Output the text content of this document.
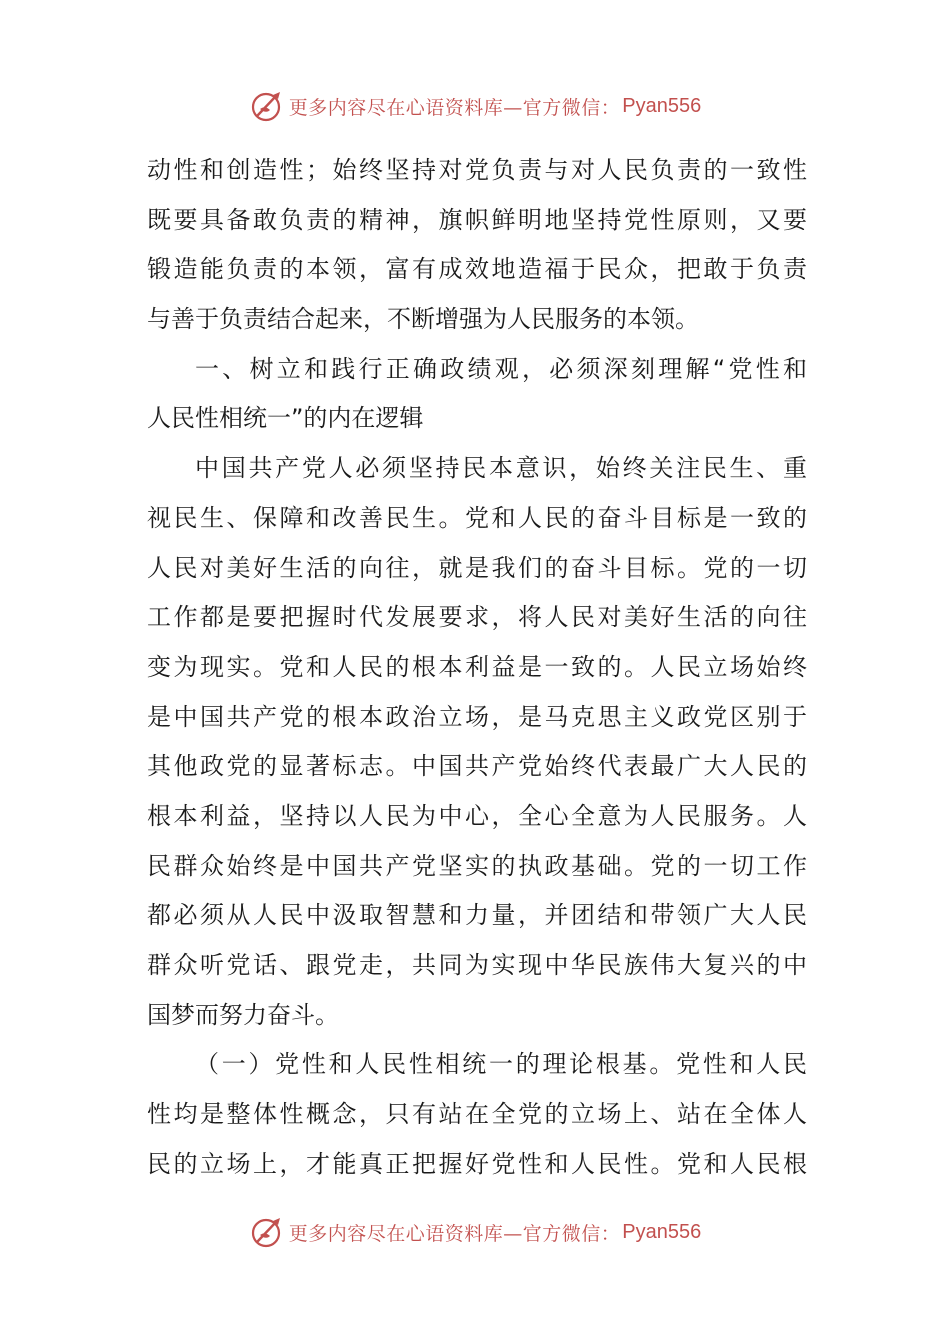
更多内容尽在心语资料库—官方微信： Pyan556
动性和创造性；始终坚持对党负责与对人民负责的一致性
既要具备敢负责的精神，旗帜鲜明地坚持党性原则，又要
锻造能负责的本领，富有成效地造福于民众，把敢于负责
与善于负责结合起来，不断增强为人民服务的本领。
一、树立和践行正确政绩观，必须深刻理解“党性和
人民性相统一”的内在逻辑
中国共产党人必须坚持民本意识，始终关注民生、重
视民生、保障和改善民生。党和人民的奋斗目标是一致的
人民对美好生活的向往，就是我们的奋斗目标。党的一切
工作都是要把握时代发展要求，将人民对美好生活的向往
变为现实。党和人民的根本利益是一致的。人民立场始终
是中国共产党的根本政治立场，是马克思主义政党区别于
其他政党的显著标志。中国共产党始终代表最广大人民的
根本利益，坚持以人民为中心，全心全意为人民服务。人
民群众始终是中国共产党坚实的执政基础。党的一切工作
都必须从人民中汲取智慧和力量，并团结和带领广大人民
群众听党话、跟党走，共同为实现中华民族伟大复兴的中
国梦而努力奋斗。
（一）党性和人民性相统一的理论根基。党性和人民
性均是整体性概念，只有站在全党的立场上、站在全体人
民的立场上，才能真正把握好党性和人民性。党和人民根
更多内容尽在心语资料库—官方微信： Pyan556
